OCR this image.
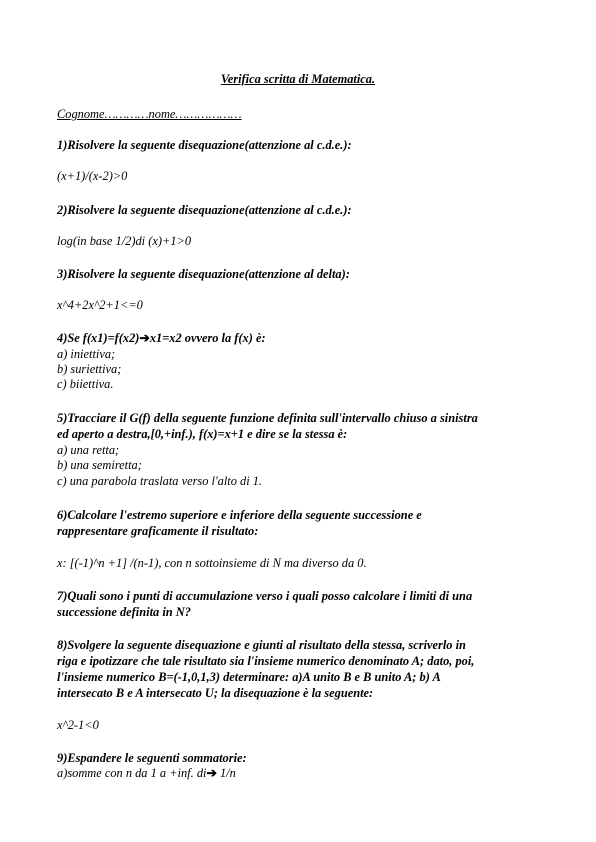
Verifica scritta di Matematica.
Cognome…………nome………………
1)Risolvere la seguente disequazione(attenzione al c.d.e.):
(x+1)/(x-2)>0
2)Risolvere la seguente disequazione(attenzione al c.d.e.):
log(in base 1/2)di (x)+1>0
3)Risolvere la seguente disequazione(attenzione al delta):
x^4+2x^2+1<=0
4)Se f(x1)=f(x2)➔x1=x2 ovvero la f(x) è:
a) iniettiva;
b) suriettiva;
c) biiettiva.
5)Tracciare il G(f) della seguente funzione definita sull'intervallo chiuso a sinistra
ed aperto a destra,[0,+inf.), f(x)=x+1 e dire se la stessa è:
a) una retta;
b) una semiretta;
c) una parabola traslata verso l'alto di 1.
6)Calcolare l'estremo superiore e inferiore della seguente successione e
rappresentare graficamente il risultato:
x: [(-1)^n +1] /(n-1), con n sottoinsieme di N ma diverso da 0.
7)Quali sono i punti di accumulazione verso i quali posso calcolare i limiti di una
successione definita in N?
8)Svolgere la seguente disequazione e giunti al risultato della stessa, scriverlo in
riga e ipotizzare che tale risultato sia l'insieme numerico denominato A; dato, poi,
l'insieme numerico B=(-1,0,1,3) determinare: a)A unito B e B unito A; b) A
intersecato B e A intersecato U; la disequazione è la seguente:
x^2-1<0
9)Espandere le seguenti sommatorie:
a)somme con n da 1 a +inf. di➔ 1/n
